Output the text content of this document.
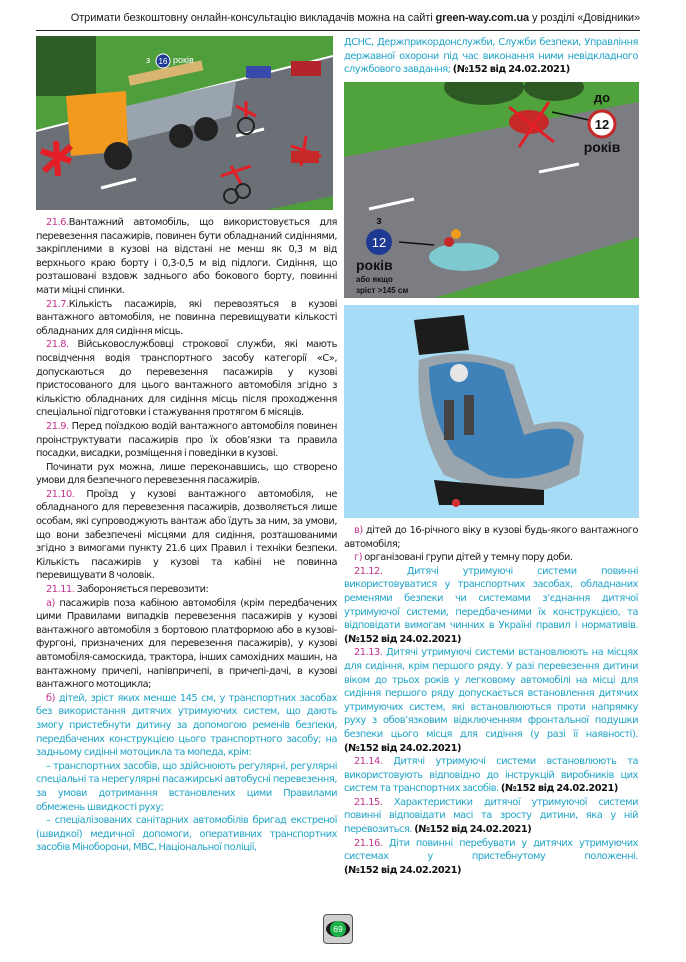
Отримати безкоштовну онлайн-консультацію викладачів можна на сайті green-way.com.ua у розділі «Довідники»
з 16 років

21.6.Вантажний автомобіль, що використовується для перевезення пасажирів, повинен бути обладнаний сидіннями, закріпленими в кузові на відстані не менш як 0,3 м від верхнього краю борту і 0,3-0,5 м від підлоги. Сидіння, що розташовані вздовж заднього або бокового борту, повинні мати міцні спинки.

21.7.Кількість пасажирів, які перевозяться в кузові вантажного автомобіля, не повинна перевищувати кількості обладнаних для сидіння місць.

21.8. Військовослужбовці строкової служби, які мають посвідчення водія транспортного засобу категорії «С», допускаються до перевезення пасажирів у кузові пристосованого для цього вантажного автомобіля згідно з кількістю обладнаних для сидіння місць після проходження спеціальної підготовки і стажування протягом 6 місяців.

21.9. Перед поїздкою водій вантажного автомобіля повинен проінструктувати пасажирів про їх обов’язки та правила посадки, висадки, розміщення і поведінки в кузові.

Починати рух можна, лише переконавшись, що створено умови для безпечного перевезення пасажирів.

21.10. Проїзд у кузові вантажного автомобіля, не обладнаного для перевезення пасажирів, дозволяється лише особам, які супроводжують вантаж або їдуть за ним, за умови, що вони забезпечені місцями для сидіння, розташованими згідно з вимогами пункту 21.6 цих Правил і техніки безпеки. Кількість пасажирів у кузові та кабіні не повинна перевищувати 8 чоловік.

21.11. Забороняється перевозити:

а) пасажирів поза кабіною автомобіля (крім передбачених цими Правилами випадків перевезення пасажирів у кузові вантажного автомобіля з бортовою платформою або в кузові-фургоні, призначених для перевезення пасажирів), у кузові автомобіля-самоскида, трактора, інших самохідних машин, на вантажному причепі, напівпричепі, в причепі-дачі, в кузові вантажного мотоцикла;

б) дітей, зріст яких менше 145 см, у транспортних засобах без використання дитячих утримуючих систем, що дають змогу пристебнути дитину за допомогою ременів безпеки, передбачених конструкцією цього транспортного засобу; на задньому сидінні мотоцикла та мопеда, крім:

– транспортних засобів, що здійснюють регулярні, регулярні спеціальні та нерегулярні пасажирські автобусні перевезення, за умови дотримання встановлених цими Правилами обмежень швидкості руху;

– спеціалізованих санітарних автомобілів бригад екстреної (швидкої) медичної допомоги, оперативних транспортних засобів Міноборони, МВС, Національної поліції,

ДСНС, Держприкордонслужби, Служби безпеки, Управління державної охорони під час виконання ними невідкладного службового завдання; (№152 від 24.02.2021)

до
12
років
з
12
років
або якщо
зріст >145 см

в) дітей до 16-річного віку в кузові будь-якого вантажного автомобіля;

г) організовані групи дітей у темну пору доби.

21.12. Дитячі утримуючі системи повинні використовуватися у транспортних засобах, обладнаних ременями безпеки чи системами з’єднання дитячої утримуючої системи, передбаченими їх конструкцією, та відповідати вимогам чинних в Україні правил і нормативів. (№152 від 24.02.2021)

21.13. Дитячі утримуючі системи встановлюють на місцях для сидіння, крім першого ряду. У разі перевезення дитини віком до трьох років у легковому автомобілі на місці для сидіння першого ряду допускається встановлення дитячих утримуючих систем, які встановлюються проти напрямку руху з обов’язковим відключенням фронтальної подушки безпеки цього місця для сидіння (у разі її наявності). (№152 від 24.02.2021)

21.14. Дитячі утримуючі системи встановлюють та використовують відповідно до інструкцій виробників цих систем та транспортних засобів. (№152 від 24.02.2021)

21.15. Характеристики дитячої утримуючої системи повинні відповідати масі та зросту дитини, яка у ній перевозиться. (№152 від 24.02.2021)

21.16. Діти повинні перебувати у дитячих утримуючих системах у пристебнутому положенні. (№152 від 24.02.2021)

69
